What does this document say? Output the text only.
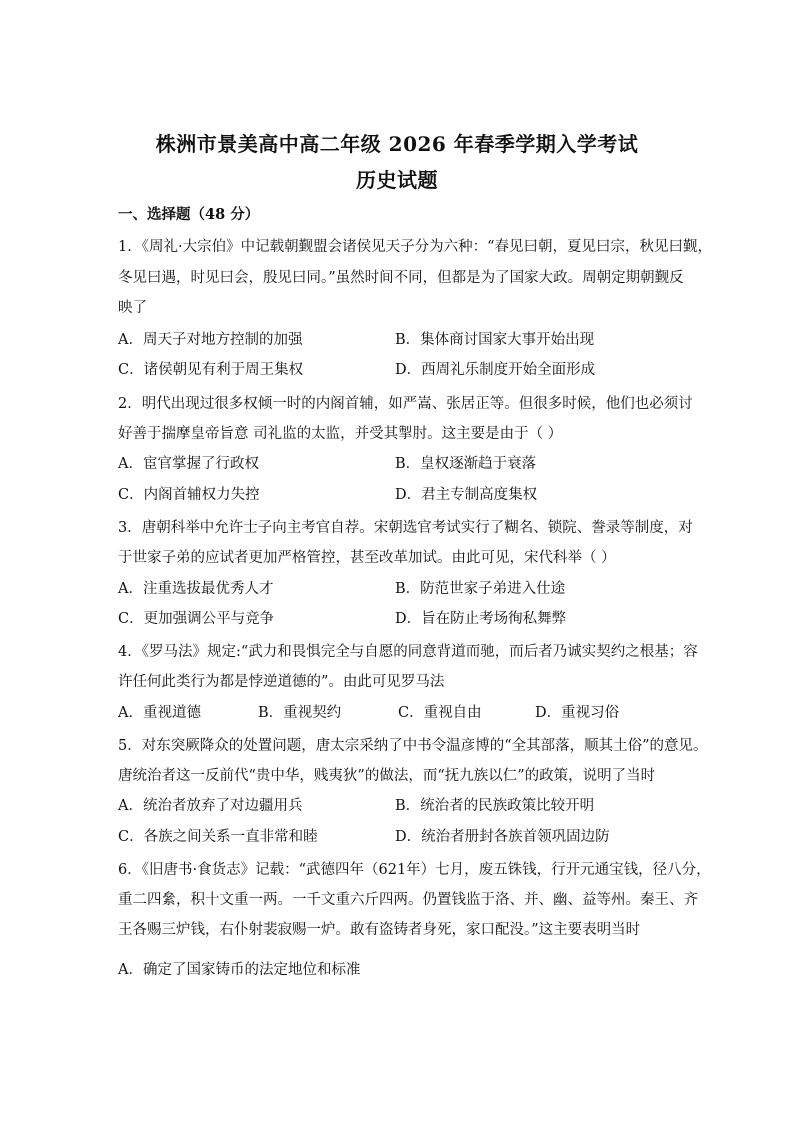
株洲市景美高中高二年级 2026 年春季学期入学考试
历史试题
一、选择题（48 分）
1．《周礼·大宗伯》中记载朝觐盟会诸侯见天子分为六种：“春见曰朝，夏见曰宗，秋见曰觐，
冬见曰遇，时见曰会，殷见曰同。”虽然时间不同，但都是为了国家大政。周朝定期朝觐反
映了
A．周天子对地方控制的加强	B．集体商讨国家大事开始出现
C．诸侯朝见有利于周王集权	D．西周礼乐制度开始全面形成
2．明代出现过很多权倾一时的内阁首辅，如严嵩、张居正等。但很多时候，他们也必须讨
好善于揣摩皇帝旨意 司礼监的太监，并受其掣肘。这主要是由于（ ）
A．宦官掌握了行政权	B．皇权逐渐趋于衰落
C．内阁首辅权力失控	D．君主专制高度集权
3．唐朝科举中允许士子向主考官自荐。宋朝选官考试实行了糊名、锁院、誊录等制度，对
于世家子弟的应试者更加严格管控，甚至改革加试。由此可见，宋代科举（ ）
A．注重选拔最优秀人才	B．防范世家子弟进入仕途
C．更加强调公平与竞争	D．旨在防止考场徇私舞弊
4．《罗马法》规定:“武力和畏惧完全与自愿的同意背道而驰，而后者乃诚实契约之根基；容
许任何此类行为都是悖逆道德的”。由此可见罗马法
A．重视道德	B．重视契约	C．重视自由	D．重视习俗
5．对东突厥降众的处置问题，唐太宗采纳了中书令温彦博的“全其部落，顺其土俗”的意见。
唐统治者这一反前代“贵中华，贱夷狄”的做法，而“抚九族以仁”的政策，说明了当时
A．统治者放弃了对边疆用兵	B．统治者的民族政策比较开明
C．各族之间关系一直非常和睦	D．统治者册封各族首领巩固边防
6．《旧唐书·食货志》记载：“武德四年（621年）七月，废五铢钱，行开元通宝钱，径八分，
重二四絫，积十文重一两。一千文重六斤四两。仍置钱监于洛、并、幽、益等州。秦王、齐
王各赐三炉钱，右仆射裴寂赐一炉。敢有盗铸者身死，家口配没。”这主要表明当时
A．确定了国家铸币的法定地位和标准
